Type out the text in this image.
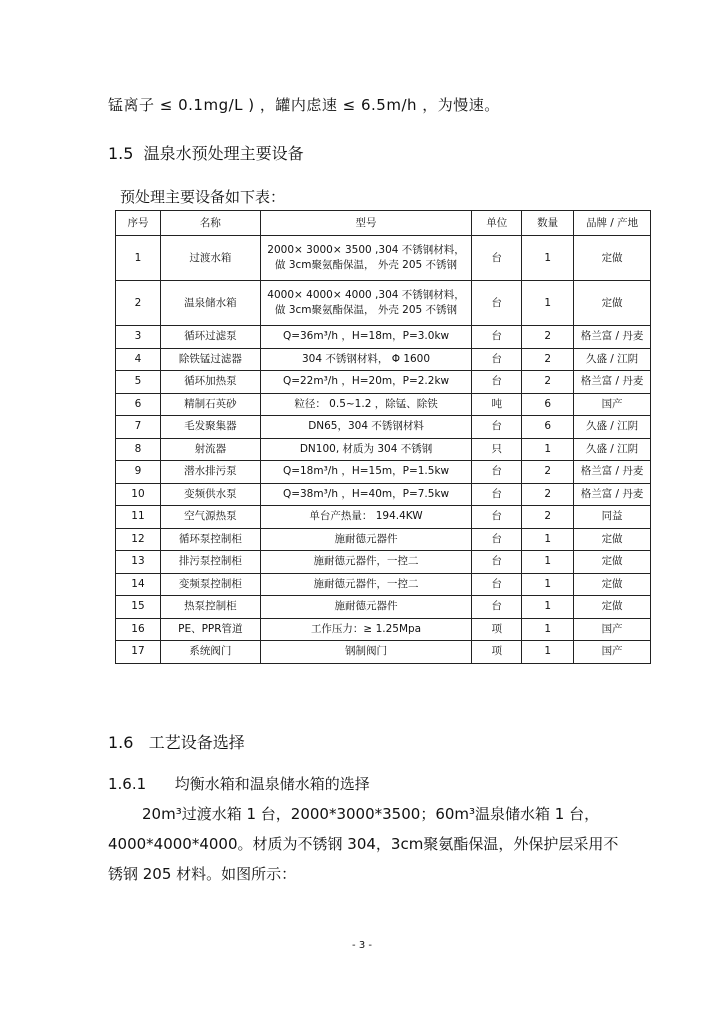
锰离子 ≤ 0.1mg/L ) ，罐内虑速 ≤ 6.5m/h ，为慢速。
1.5 温泉水预处理主要设备
预处理主要设备如下表：
序号	名称	型号	单位	数量	品牌 / 产地
1	过渡水箱	2000× 3000× 3500 ,304 不锈钢材料，
做 3cm聚氨酯保温， 外壳 205 不锈钢	台	1	定做
2	温泉储水箱	4000× 4000× 4000 ,304 不锈钢材料，
做 3cm聚氨酯保温， 外壳 205 不锈钢	台	1	定做
3	循环过滤泵	Q=36m³/h ，H=18m，P=3.0kw	台	2	格兰富 / 丹麦
4	除铁锰过滤器	304 不锈钢材料， Φ 1600	台	2	久盛 / 江阴
5	循环加热泵	Q=22m³/h ，H=20m，P=2.2kw	台	2	格兰富 / 丹麦
6	精制石英砂	粒径： 0.5~1.2 ，除锰、除铁	吨	6	国产
7	毛发聚集器	DN65，304 不锈钢材料	台	6	久盛 / 江阴
8	射流器	DN100, 材质为 304 不锈钢	只	1	久盛 / 江阴
9	潜水排污泵	Q=18m³/h ，H=15m，P=1.5kw	台	2	格兰富 / 丹麦
10	变频供水泵	Q=38m³/h ，H=40m，P=7.5kw	台	2	格兰富 / 丹麦
11	空气源热泵	单台产热量： 194.4KW	台	2	同益
12	循环泵控制柜	施耐德元器件	台	1	定做
13	排污泵控制柜	施耐德元器件，一控二	台	1	定做
14	变频泵控制柜	施耐德元器件，一控二	台	1	定做
15	热泵控制柜	施耐德元器件	台	1	定做
16	PE、PPR管道	工作压力：≥ 1.25Mpa	项	1	国产
17	系统阀门	钢制阀门	项	1	国产
1.6 工艺设备选择
1.6.1 均衡水箱和温泉储水箱的选择
20m³过渡水箱 1 台，2000*3000*3500；60m³温泉储水箱 1 台，
4000*4000*4000。材质为不锈钢 304，3cm聚氨酯保温，外保护层采用不
锈钢 205 材料。如图所示：
- 3 -
